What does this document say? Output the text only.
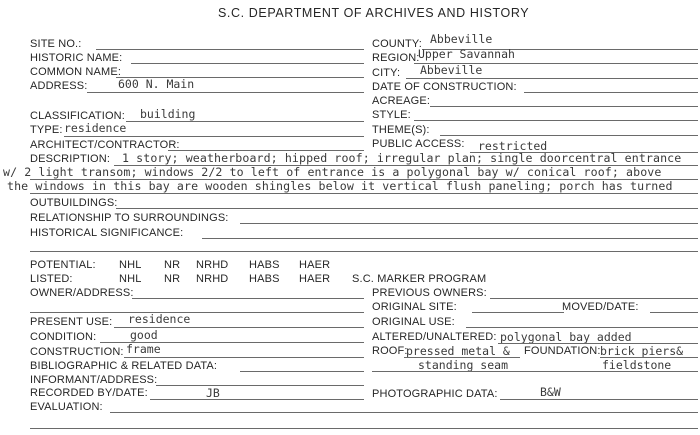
S.C. DEPARTMENT OF ARCHIVES AND HISTORY
SITE NO.:
HISTORIC NAME:
COMMON NAME:
ADDRESS:	600 N. Main
CLASSIFICATION: building
TYPE: residence
ARCHITECT/CONTRACTOR:
COUNTY: Abbeville
REGION:
Upper Savannah
CITY: Abbeville
DATE OF CONSTRUCTION:
ACREAGE:
STYLE:
THEME(S):
PUBLIC ACCESS: restricted
DESCRIPTION: 1 story; weatherboard; hipped roof; irregular plan; single doorcentral entrance
w/ 2 light transom; windows 2/2 to left of entrance is a polygonal bay w/ conical roof; above
the windows in this bay are wooden shingles below it vertical flush paneling; porch has turned
OUTBUILDINGS:
RELATIONSHIP TO SURROUNDINGS:
HISTORICAL SIGNIFICANCE:
POTENTIAL: NHL NR NRHD HABS HAER
LISTED:	NHL NR NRHD HABS HAER S.C. MARKER PROGRAM
OWNER/ADDRESS:	PREVIOUS OWNERS:
ORIGINAL SITE:	MOVED/DATE:
PRESENT USE: residence
CONDITION:	good
CONSTRUCTION: frame
BIBLIOGRAPHIC & RELATED DATA:
INFORMANT/ADDRESS:
RECORDED BY/DATE:	JB
EVALUATION:
ORIGINAL USE:
ALTERED/UNALTERED: polygonal bay added
ROOF:
pressed metal &
standing seam
FOUNDATION: brick piers&
fieldstone
PHOTOGRAPHIC DATA:	B&W
